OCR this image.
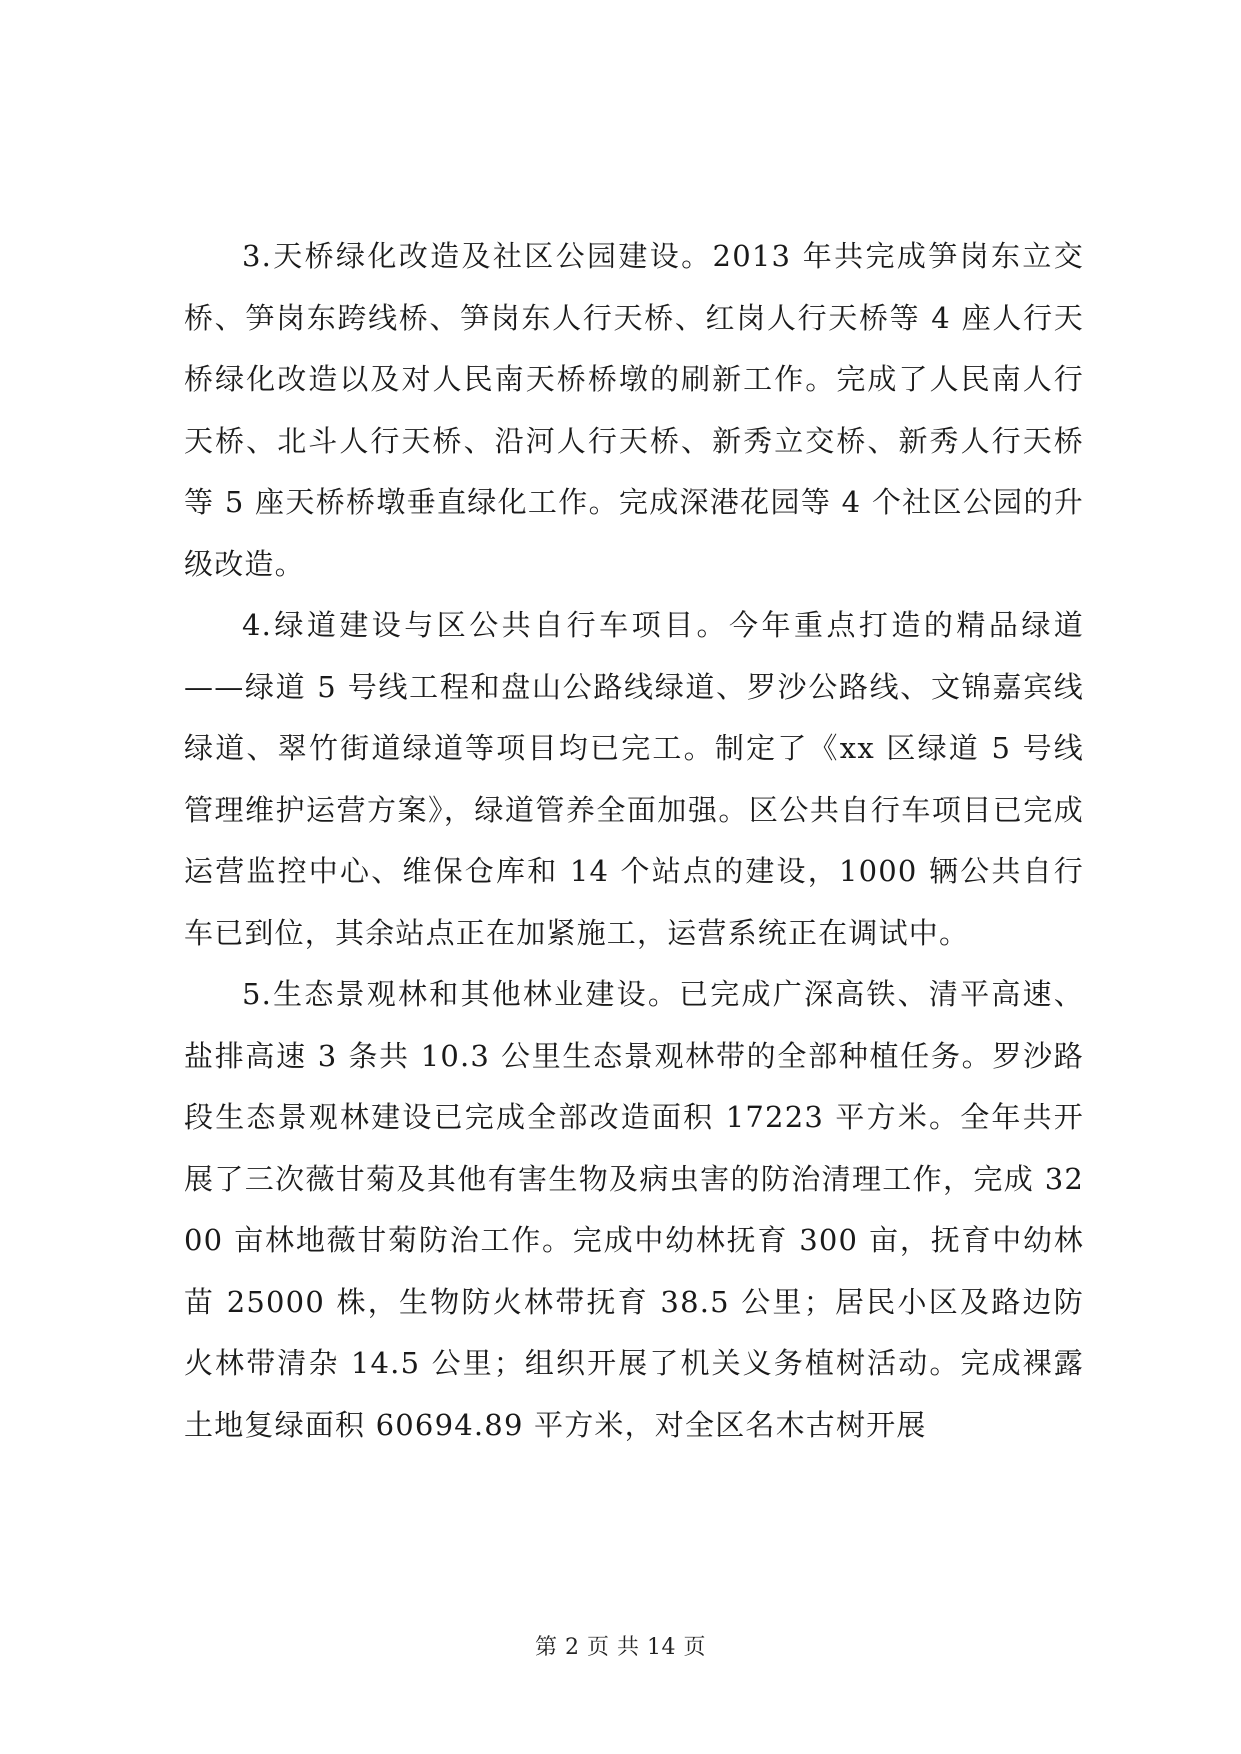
3.天桥绿化改造及社区公园建设。2013 年共完成笋岗东立交桥、笋岗东跨线桥、笋岗东人行天桥、红岗人行天桥等 4 座人行天桥绿化改造以及对人民南天桥桥墩的刷新工作。完成了人民南人行天桥、北斗人行天桥、沿河人行天桥、新秀立交桥、新秀人行天桥等 5 座天桥桥墩垂直绿化工作。完成深港花园等 4 个社区公园的升级改造。

4.绿道建设与区公共自行车项目。今年重点打造的精品绿道——绿道 5 号线工程和盘山公路线绿道、罗沙公路线、文锦嘉宾线绿道、翠竹街道绿道等项目均已完工。制定了《xx 区绿道 5 号线管理维护运营方案》，绿道管养全面加强。区公共自行车项目已完成运营监控中心、维保仓库和 14 个站点的建设，1000 辆公共自行车已到位，其余站点正在加紧施工，运营系统正在调试中。

5.生态景观林和其他林业建设。已完成广深高铁、清平高速、盐排高速 3 条共 10.3 公里生态景观林带的全部种植任务。罗沙路段生态景观林建设已完成全部改造面积 17223 平方米。全年共开展了三次薇甘菊及其他有害生物及病虫害的防治清理工作，完成 3200 亩林地薇甘菊防治工作。完成中幼林抚育 300 亩，抚育中幼林苗 25000 株，生物防火林带抚育 38.5 公里；居民小区及路边防火林带清杂 14.5 公里；组织开展了机关义务植树活动。完成裸露土地复绿面积 60694.89 平方米，对全区名木古树开展

第 2 页 共 14 页
